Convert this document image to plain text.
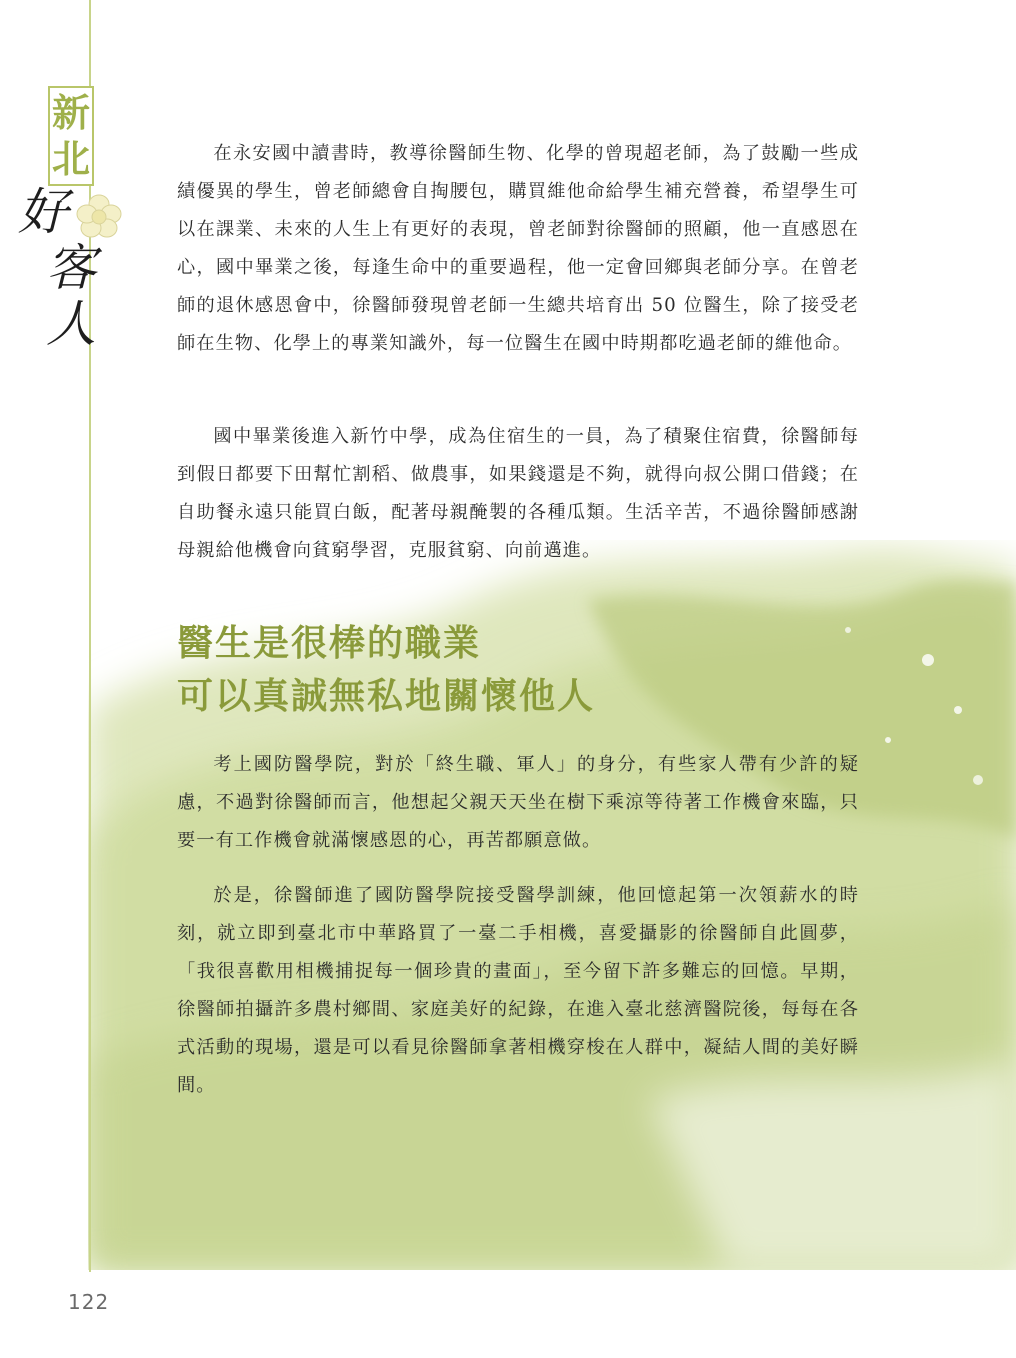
新
北
好
客人

在永安國中讀書時，教導徐醫師生物、化學的曾現超老師，為了鼓勵一些成績優異的學生，曾老師總會自掏腰包，購買維他命給學生補充營養，希望學生可以在課業、未來的人生上有更好的表現，曾老師對徐醫師的照顧，他一直感恩在心，國中畢業之後，每逢生命中的重要過程，他一定會回鄉與老師分享。在曾老師的退休感恩會中，徐醫師發現曾老師一生總共培育出 50 位醫生，除了接受老師在生物、化學上的專業知識外，每一位醫生在國中時期都吃過老師的維他命。

國中畢業後進入新竹中學，成為住宿生的一員，為了積聚住宿費，徐醫師每到假日都要下田幫忙割稻、做農事，如果錢還是不夠，就得向叔公開口借錢；在自助餐永遠只能買白飯，配著母親醃製的各種瓜類。生活辛苦，不過徐醫師感謝母親給他機會向貧窮學習，克服貧窮、向前邁進。

醫生是很棒的職業
可以真誠無私地關懷他人

考上國防醫學院，對於「終生職、軍人」的身分，有些家人帶有少許的疑慮，不過對徐醫師而言，他想起父親天天坐在樹下乘涼等待著工作機會來臨，只要一有工作機會就滿懷感恩的心，再苦都願意做。

於是，徐醫師進了國防醫學院接受醫學訓練，他回憶起第一次領薪水的時刻，就立即到臺北市中華路買了一臺二手相機，喜愛攝影的徐醫師自此圓夢，「我很喜歡用相機捕捉每一個珍貴的畫面」，至今留下許多難忘的回憶。早期，徐醫師拍攝許多農村鄉間、家庭美好的紀錄，在進入臺北慈濟醫院後，每每在各式活動的現場，還是可以看見徐醫師拿著相機穿梭在人群中，凝結人間的美好瞬間。

122
